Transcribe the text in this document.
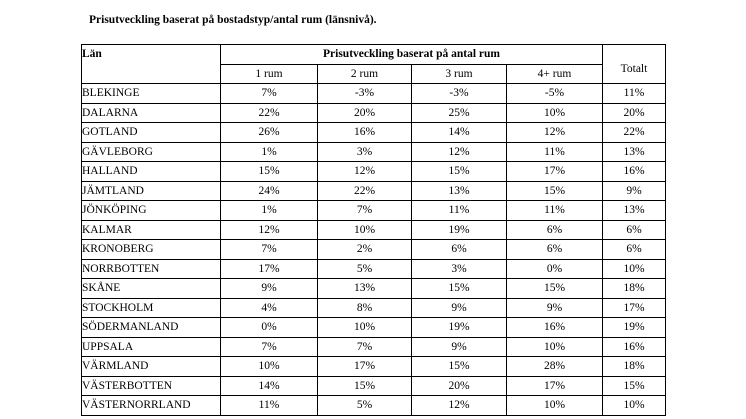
Prisutveckling baserat på bostadstyp/antal rum (länsnivå).
Län	Prisutveckling baserat på antal rum				
	1 rum	2 rum	3 rum	4+ rum	Totalt
BLEKINGE	7%	-3%	-3%	-5%	11%
DALARNA	22%	20%	25%	10%	20%
GOTLAND	26%	16%	14%	12%	22%
GÄVLEBORG	1%	3%	12%	11%	13%
HALLAND	15%	12%	15%	17%	16%
JÄMTLAND	24%	22%	13%	15%	9%
JÖNKÖPING	1%	7%	11%	11%	13%
KALMAR	12%	10%	19%	6%	6%
KRONOBERG	7%	2%	6%	6%	6%
NORRBOTTEN	17%	5%	3%	0%	10%
SKÅNE	9%	13%	15%	15%	18%
STOCKHOLM	4%	8%	9%	9%	17%
SÖDERMANLAND	0%	10%	19%	16%	19%
UPPSALA	7%	7%	9%	10%	16%
VÄRMLAND	10%	17%	15%	28%	18%
VÄSTERBOTTEN	14%	15%	20%	17%	15%
VÄSTERNORRLAND	11%	5%	12%	10%	10%
